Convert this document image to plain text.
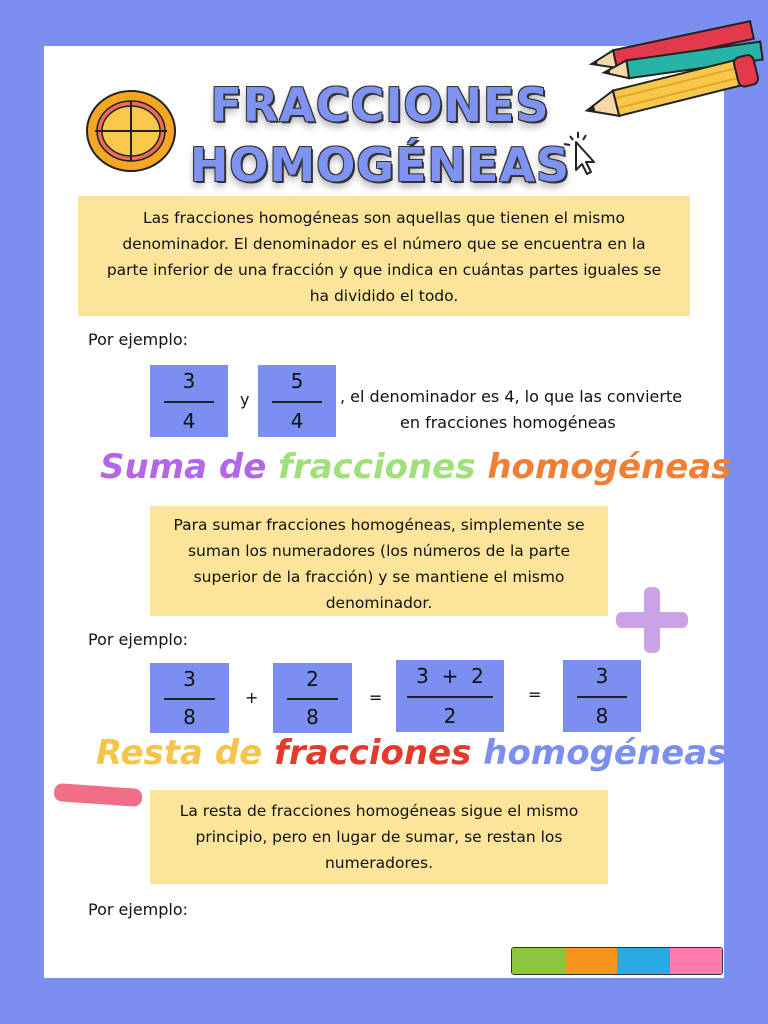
FRACCIONES
HOMOGÉNEAS
Las fracciones homogéneas son aquellas que tienen el mismo denominador. El denominador es el número que se encuentra en la parte inferior de una fracción y que indica en cuántas partes iguales se ha dividido el todo.
Por ejemplo:
3
4
y
5
4
, el denominador es 4, lo que las convierte
en fracciones homogéneas
Suma de fracciones homogéneas
Para sumar fracciones homogéneas, simplemente se suman los numeradores (los números de la parte superior de la fracción) y se mantiene el mismo denominador.
Por ejemplo:
3
8
+
2
8
=
3  +  2
2
=
3
8
Resta de fracciones homogéneas
La resta de fracciones homogéneas sigue el mismo principio, pero en lugar de sumar, se restan los numeradores.
Por ejemplo:
